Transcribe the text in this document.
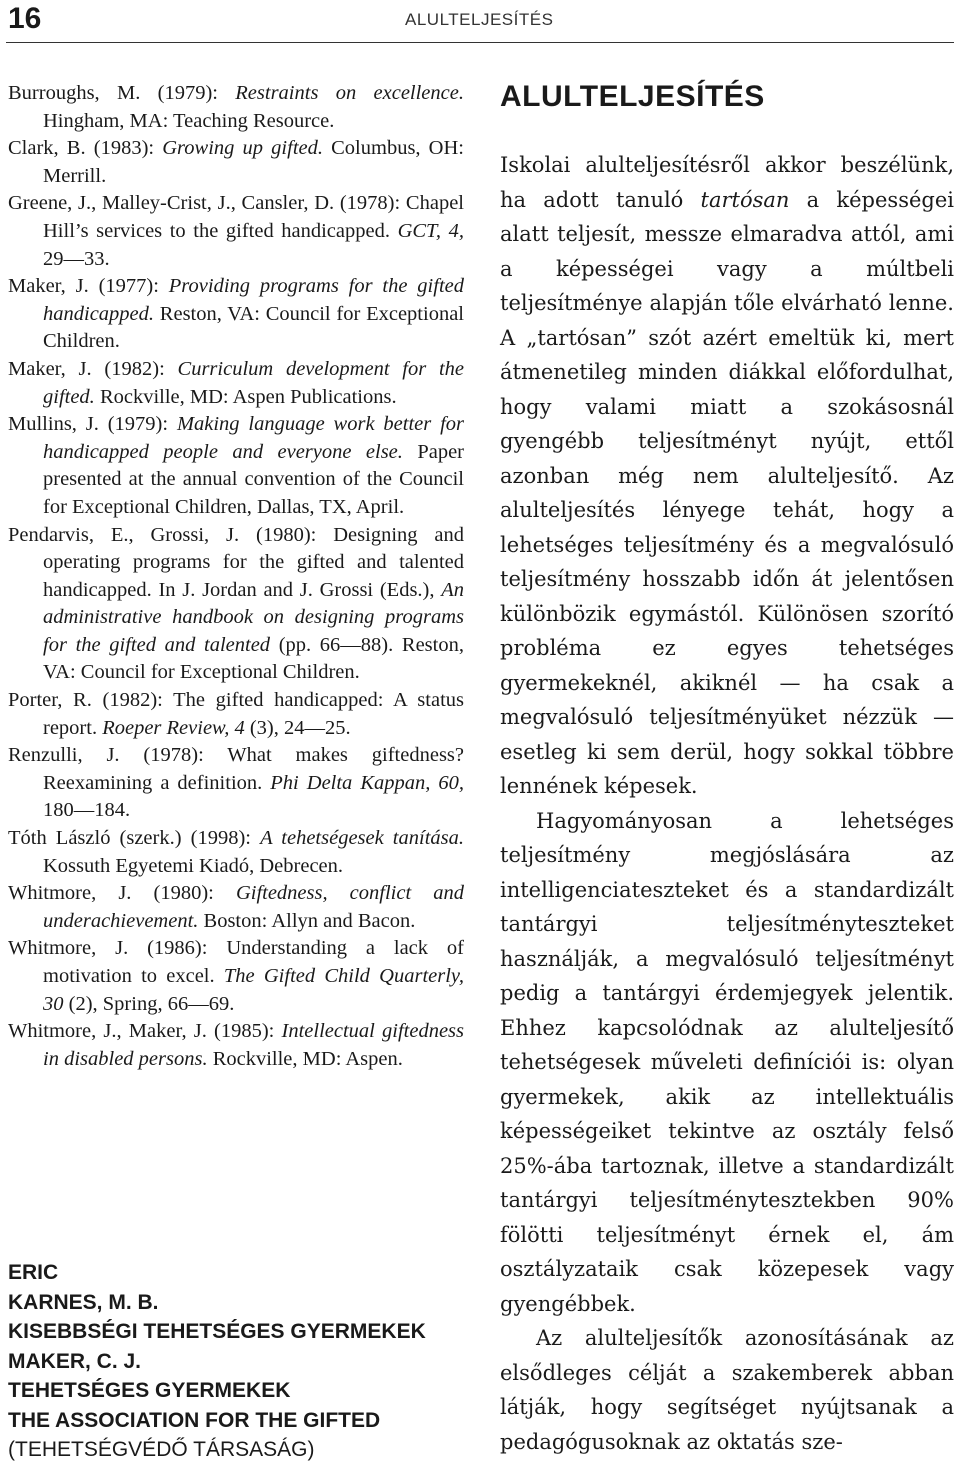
16	ALULTELJESÍTÉS
Burroughs, M. (1979): Restraints on excellence. Hingham, MA: Teaching Resource.
Clark, B. (1983): Growing up gifted. Columbus, OH: Merrill.
Greene, J., Malley-Crist, J., Cansler, D. (1978): Chapel Hill’s services to the gifted handicapped. GCT, 4, 29—33.
Maker, J. (1977): Providing programs for the gifted handicapped. Reston, VA: Council for Exceptional Children.
Maker, J. (1982): Curriculum development for the gifted. Rockville, MD: Aspen Publications.
Mullins, J. (1979): Making language work better for handicapped people and everyone else. Paper presented at the annual convention of the Council for Exceptional Children, Dallas, TX, April.
Pendarvis, E., Grossi, J. (1980): Designing and operating programs for the gifted and talented handicapped. In J. Jordan and J. Grossi (Eds.), An administrative handbook on designing programs for the gifted and talented (pp. 66—88). Reston, VA: Council for Exceptional Children.
Porter, R. (1982): The gifted handicapped: A status report. Roeper Review, 4 (3), 24—25.
Renzulli, J. (1978): What makes giftedness? Reexamining a definition. Phi Delta Kappan, 60, 180—184.
Tóth László (szerk.) (1998): A tehetségesek tanítása. Kossuth Egyetemi Kiadó, Debrecen.
Whitmore, J. (1980): Giftedness, conflict and underachievement. Boston: Allyn and Bacon.
Whitmore, J. (1986): Understanding a lack of motivation to excel. The Gifted Child Quarterly, 30 (2), Spring, 66—69.
Whitmore, J., Maker, J. (1985): Intellectual giftedness in disabled persons. Rockville, MD: Aspen.
ERIC
KARNES, M. B.
KISEBBSÉGI TEHETSÉGES GYERMEKEK
MAKER, C. J.
TEHETSÉGES GYERMEKEK
THE ASSOCIATION FOR THE GIFTED
(TEHETSÉGVÉDŐ TÁRSASÁG)
ALULTELJESÍTÉS

Iskolai alulteljesítésről akkor beszélünk, ha adott tanuló tartósan a képességei alatt teljesít, messze elmaradva attól, ami a képességei vagy a múltbeli teljesítménye alapján tőle elvárható lenne. A „tartósan” szót azért emeltük ki, mert átmenetileg minden diákkal előfordulhat, hogy valami miatt a szokásosnál gyengébb teljesítményt nyújt, ettől azonban még nem alulteljesítő. Az alulteljesítés lényege tehát, hogy a lehetséges teljesítmény és a megvalósuló teljesítmény hosszabb időn át jelentősen különbözik egymástól. Különösen szorító probléma ez egyes tehetséges gyermekeknél, akiknél — ha csak a megvalósuló teljesítményüket nézzük — esetleg ki sem derül, hogy sokkal többre lennének képesek.

Hagyományosan a lehetséges teljesítmény megjóslására az intelligenciateszteket és a standardizált tantárgyi teljesítményteszteket használják, a megvalósuló teljesítményt pedig a tantárgyi érdemjegyek jelentik. Ehhez kapcsolódnak az alulteljesítő tehetségesek műveleti definíciói is: olyan gyermekek, akik az intellektuális képességeiket tekintve az osztály felső 25%-ába tartoznak, illetve a standardizált tantárgyi teljesítménytesztekben 90% fölötti teljesítményt érnek el, ám osztályzataik csak közepesek vagy gyengébbek.

Az alulteljesítők azonosításának az elsődleges célját a szakemberek abban látják, hogy segítséget nyújtsanak a pedagógusoknak az oktatás sze-
